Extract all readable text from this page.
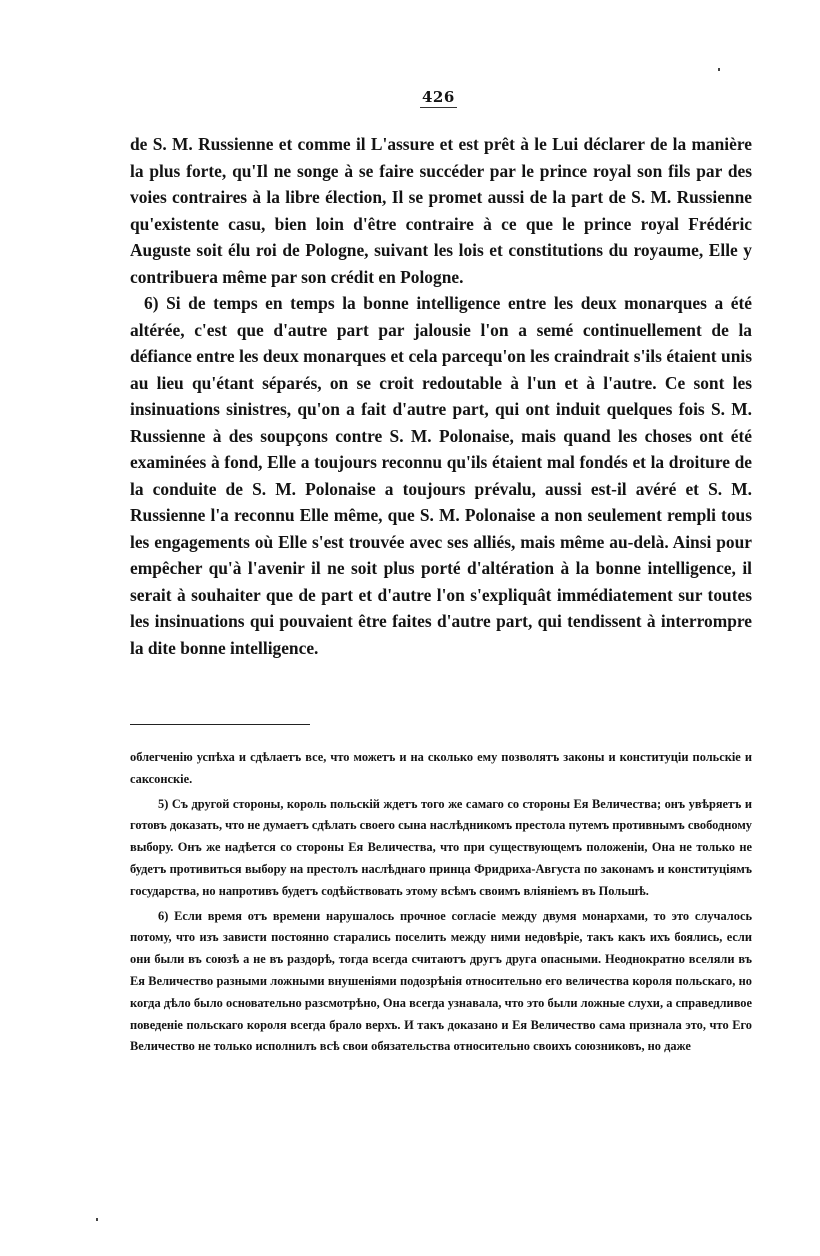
426

de S. M. Russienne et comme il L'assure et est prêt à le Lui déclarer de la manière la plus forte, qu'Il ne songe à se faire succéder par le prince royal son fils par des voies contraires à la libre élection, Il se promet aussi de la part de S. M. Russienne qu'existente casu, bien loin d'être contraire à ce que le prince royal Frédéric Auguste soit élu roi de Pologne, suivant les lois et constitutions du royaume, Elle y contribuera même par son crédit en Pologne.

6) Si de temps en temps la bonne intelligence entre les deux monarques a été altérée, c'est que d'autre part par jalousie l'on a semé continuellement de la défiance entre les deux monarques et cela parcequ'on les craindrait s'ils étaient unis au lieu qu'étant séparés, on se croit redoutable à l'un et à l'autre. Ce sont les insinuations sinistres, qu'on a fait d'autre part, qui ont induit quelques fois S. M. Russienne à des soupçons contre S. M. Polonaise, mais quand les choses ont été examinées à fond, Elle a toujours reconnu qu'ils étaient mal fondés et la droiture de la conduite de S. M. Polonaise a toujours prévalu, aussi est-il avéré et S. M. Russienne l'a reconnu Elle même, que S. M. Polonaise a non seulement rempli tous les engagements où Elle s'est trouvée avec ses alliés, mais même au-delà. Ainsi pour empêcher qu'à l'avenir il ne soit plus porté d'altération à la bonne intelligence, il serait à souhaiter que de part et d'autre l'on s'expliquât immédiatement sur toutes les insinuations qui pouvaient être faites d'autre part, qui tendissent à interrompre la dite bonne intelligence.

облегченію успѣха и сдѣлаетъ все, что можетъ и на сколько ему позволятъ законы и конституціи польскіе и саксонскіе.

5) Съ другой стороны, король польскій ждетъ того же самаго со стороны Ея Величества; онъ увѣряетъ и готовъ доказать, что не думаетъ сдѣлать своего сына наслѣдникомъ престола путемъ противнымъ свободному выбору. Онъ же надѣется со стороны Ея Величества, что при существующемъ положеніи, Она не только не будетъ противиться выбору на престолъ наслѣднаго принца Фридриха-Августа по законамъ и конституціямъ государства, но напротивъ будетъ содѣйствовать этому всѣмъ своимъ вліяніемъ въ Польшѣ.

6) Если время отъ времени нарушалось прочное согласіе между двумя монархами, то это случалось потому, что изъ зависти постоянно старались поселить между ними недовѣріе, такъ какъ ихъ боялись, если они были въ союзѣ а не въ раздорѣ, тогда всегда считаютъ другъ друга опасными. Неоднократно вселяли въ Ея Величество разными ложными внушеніями подозрѣнія относительно его величества короля польскаго, но когда дѣло было основательно разсмотрѣно, Она всегда узнавала, что это были ложные слухи, а справедливое поведеніе польскаго короля всегда брало верхъ. И такъ доказано и Ея Величество сама признала это, что Его Величество не только исполнилъ всѣ свои обязательства относительно своихъ союзниковъ, но даже
